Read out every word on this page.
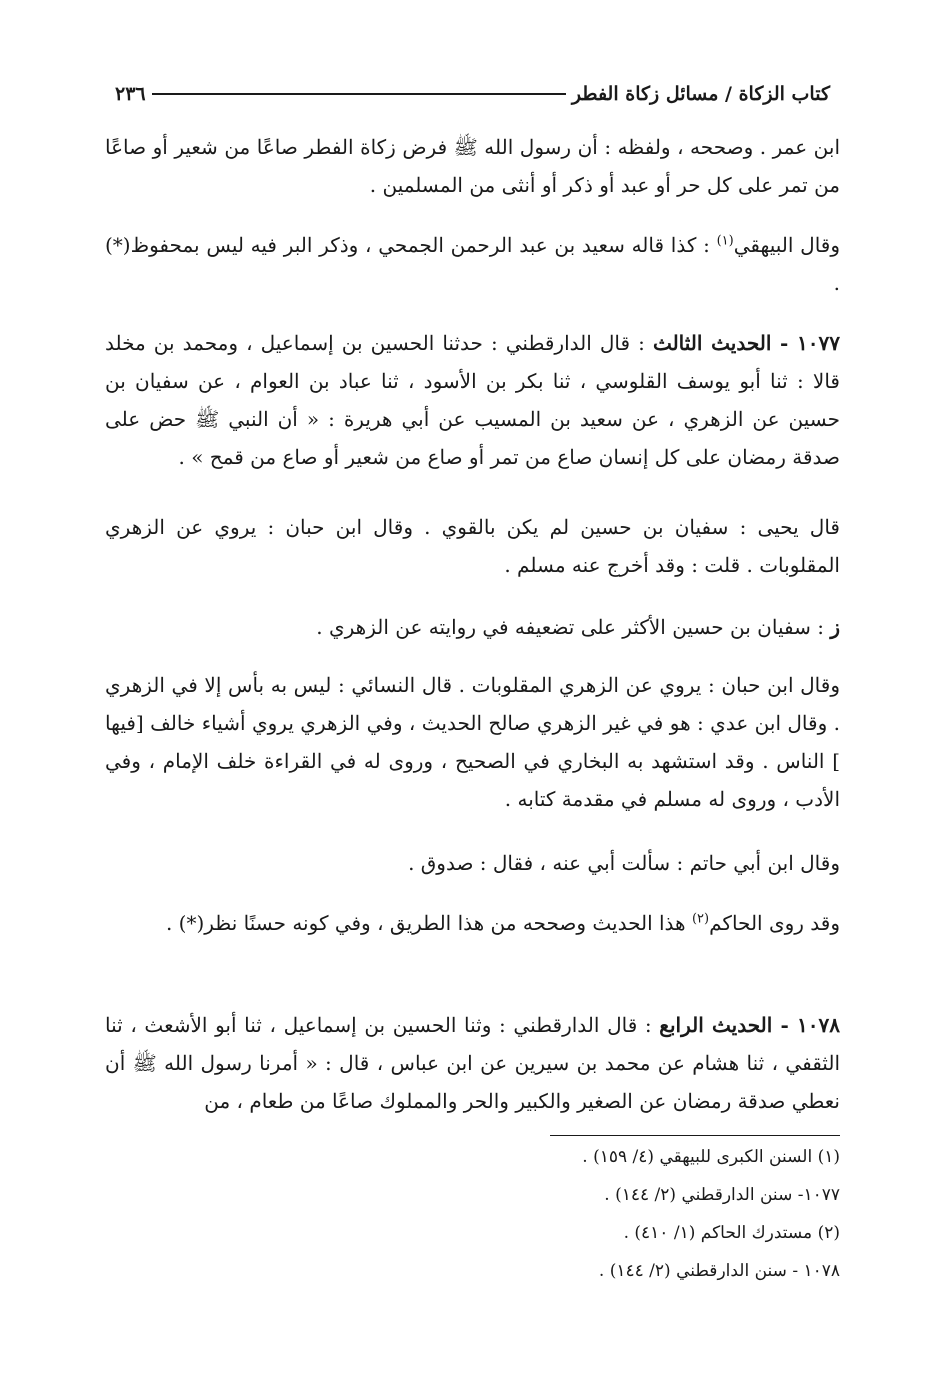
كتاب الزكاة / مسائل زكاة الفطر
٢٣٦
ابن عمر . وصححه ، ولفظه : أن رسول الله ﷺ فرض زكاة الفطر صاعًا من شعير أو صاعًا من تمر على كل حر أو عبد أو ذكر أو أنثى من المسلمين .
وقال البيهقي$^{(١)}$ : كذا قاله سعيد بن عبد الرحمن الجمحي ، وذكر البر فيه ليس بمحفوظ(*) .
١٠٧٧ - الحديث الثالث : قال الدارقطني : حدثنا الحسين بن إسماعيل ، ومحمد بن مخلد قالا : ثنا أبو يوسف القلوسي ، ثنا بكر بن الأسود ، ثنا عباد بن العوام ، عن سفيان بن حسين عن الزهري ، عن سعيد بن المسيب عن أبي هريرة : « أن النبي ﷺ حض على صدقة رمضان على كل إنسان صاع من تمر أو صاع من شعير أو صاع من قمح » .
قال يحيى : سفيان بن حسين لم يكن بالقوي . وقال ابن حبان : يروي عن الزهري المقلوبات . قلت : وقد أخرج عنه مسلم .
ز : سفيان بن حسين الأكثر على تضعيفه في روايته عن الزهري .
وقال ابن حبان : يروي عن الزهري المقلوبات . قال النسائي : ليس به بأس إلا في الزهري . وقال ابن عدي : هو في غير الزهري صالح الحديث ، وفي الزهري يروي أشياء خالف [فيها ] الناس . وقد استشهد به البخاري في الصحيح ، وروى له في القراءة خلف الإمام ، وفي الأدب ، وروى له مسلم في مقدمة كتابه .
وقال ابن أبي حاتم : سألت أبي عنه ، فقال : صدوق .
وقد روى الحاكم$^{(٢)}$ هذا الحديث وصححه من هذا الطريق ، وفي كونه حسنًا نظر(*) .
١٠٧٨ - الحديث الرابع : قال الدارقطني : وثنا الحسين بن إسماعيل ، ثنا أبو الأشعث ، ثنا الثقفي ، ثنا هشام عن محمد بن سيرين عن ابن عباس ، قال : « أمرنا رسول الله ﷺ أن نعطي صدقة رمضان عن الصغير والكبير والحر والمملوك صاعًا من طعام ، من
(١) السنن الكبرى للبيهقي (٤/ ١٥٩) .
١٠٧٧- سنن الدارقطني (٢/ ١٤٤) .
(٢) مستدرك الحاكم (١/ ٤١٠) .
١٠٧٨ - سنن الدارقطني (٢/ ١٤٤) .
